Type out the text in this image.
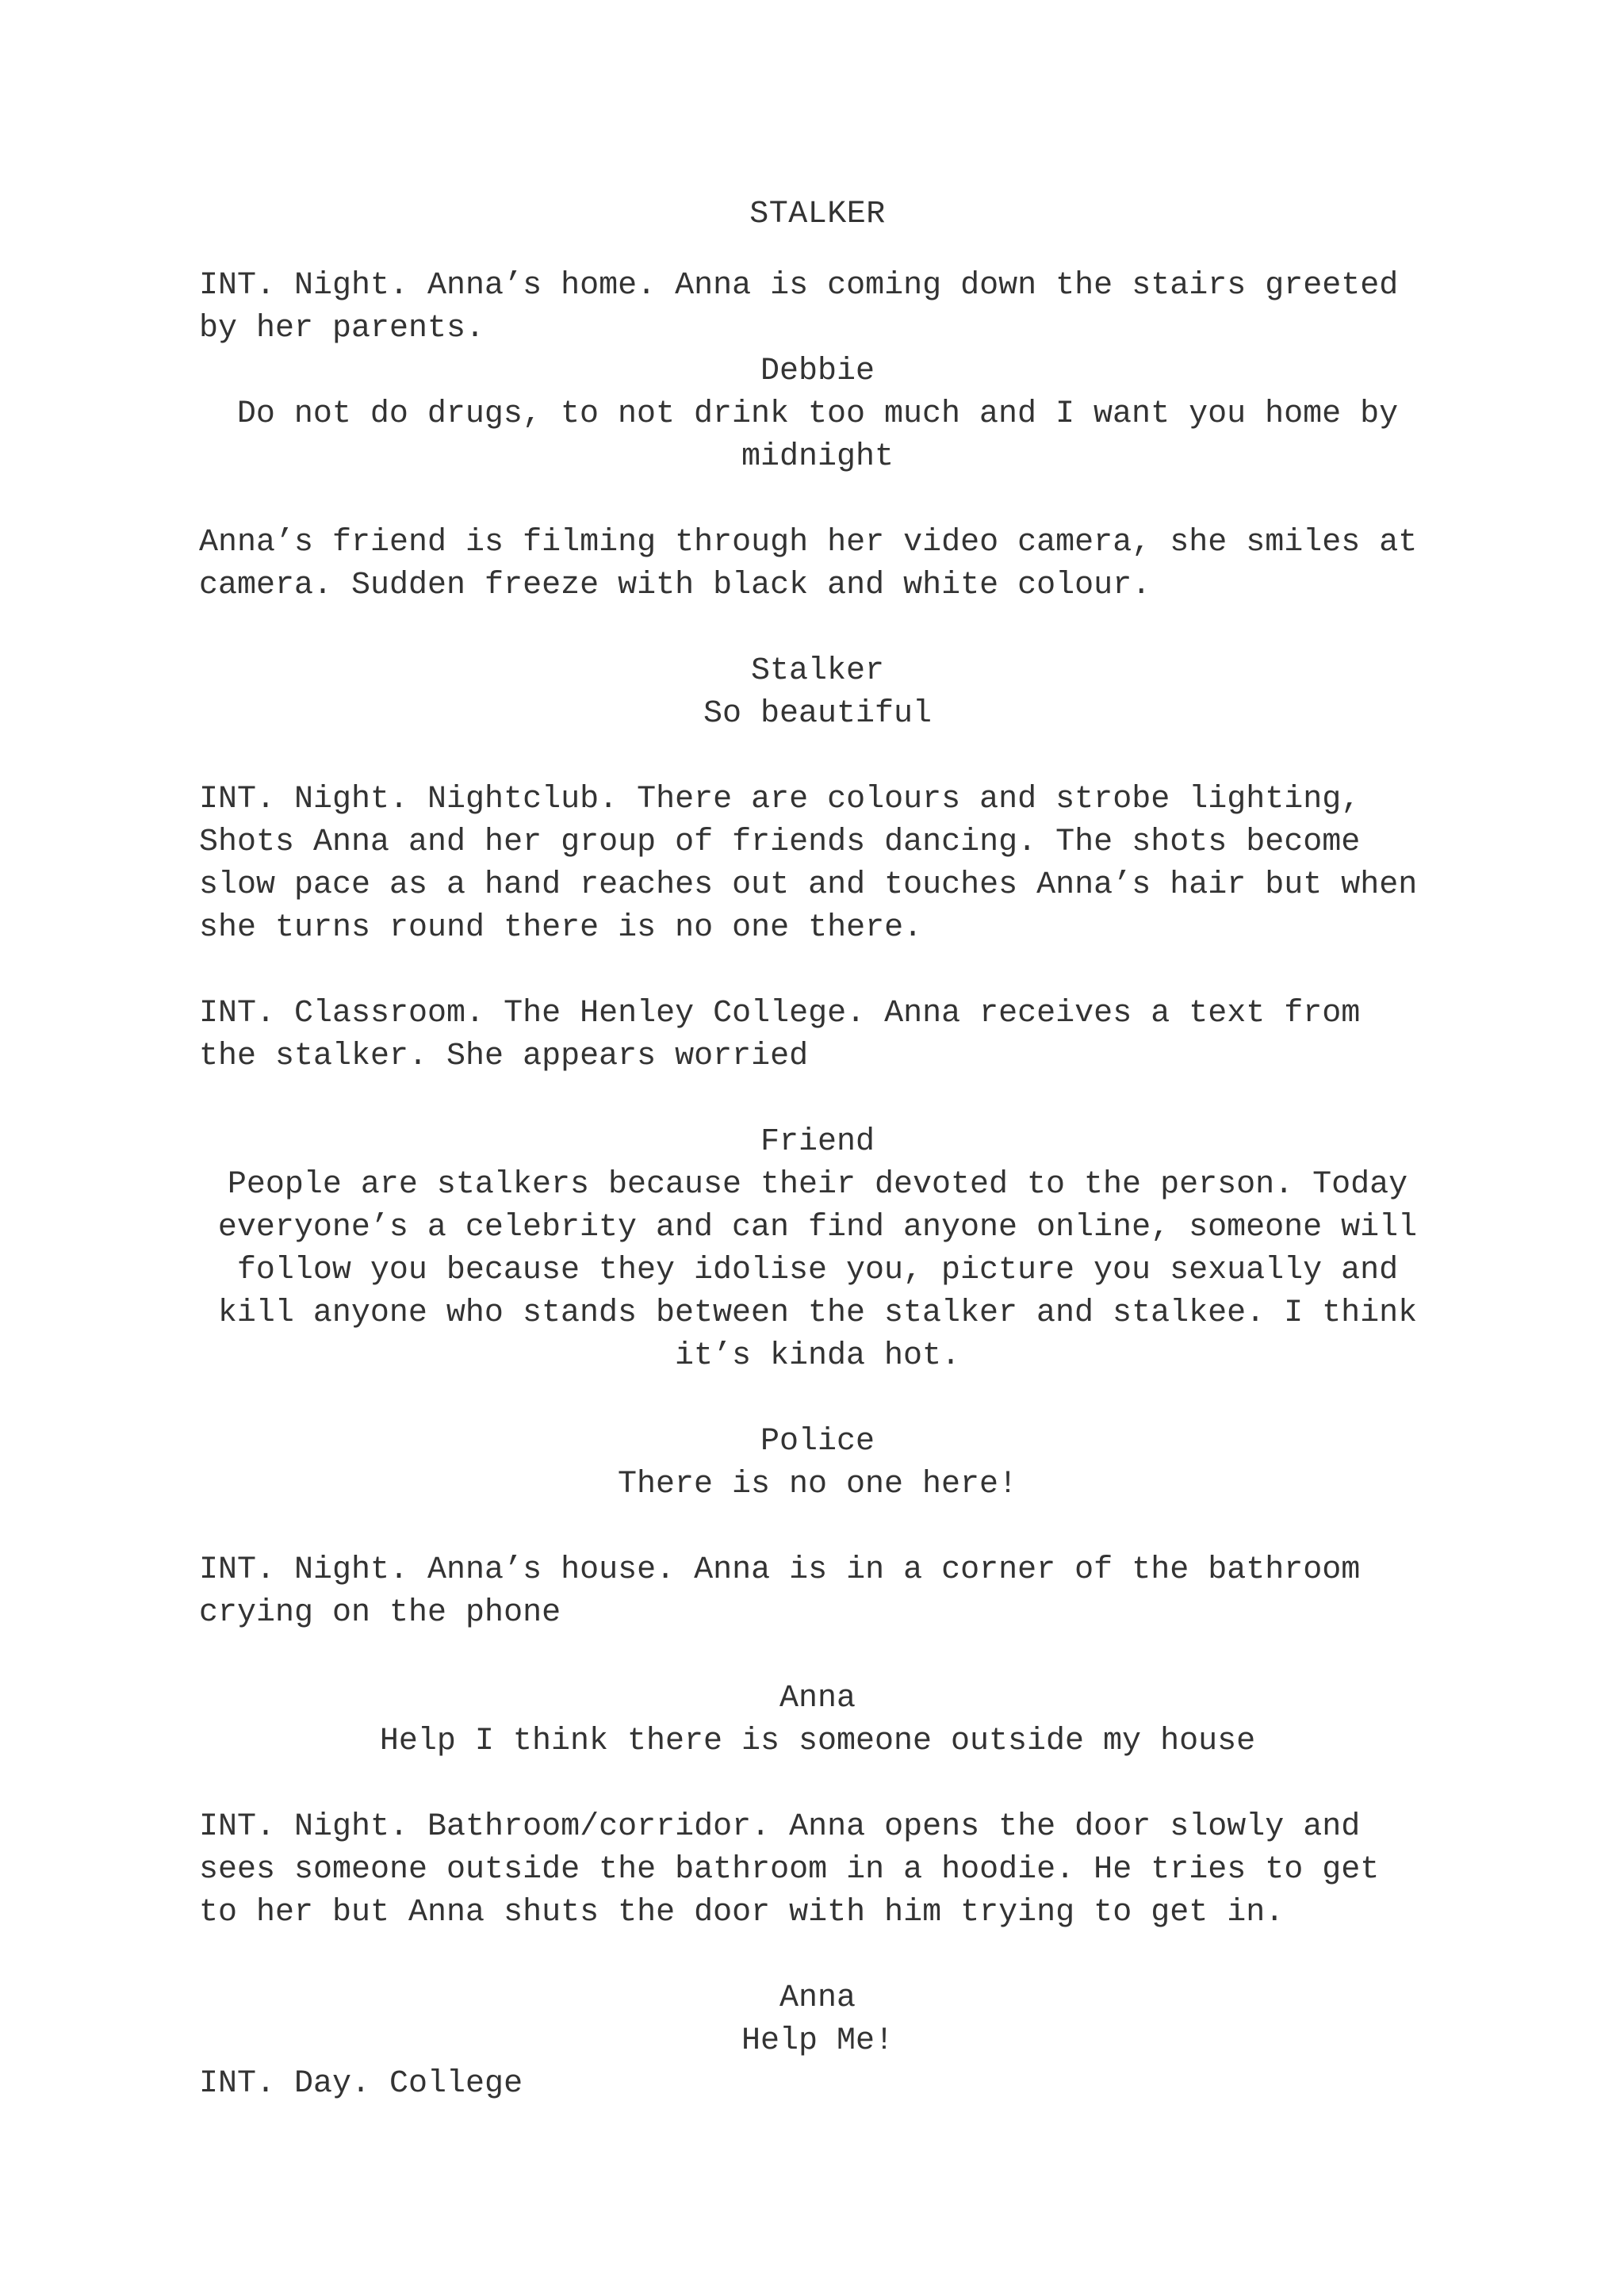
STALKER

INT. Night. Anna’s home. Anna is coming down the stairs greeted by her parents.

Debbie

Do not do drugs, to not drink too much and I want you home by midnight

Anna’s friend is filming through her video camera, she smiles at camera. Sudden freeze with black and white colour.

Stalker

So beautiful

INT. Night. Nightclub. There are colours and strobe lighting, Shots Anna and her group of friends dancing. The shots become slow pace as a hand reaches out and touches Anna’s hair but when she turns round there is no one there.

INT. Classroom. The Henley College. Anna receives a text from the stalker. She appears worried

Friend

People are stalkers because their devoted to the person. Today everyone’s a celebrity and can find anyone online, someone will follow you because they idolise you, picture you sexually and kill anyone who stands between the stalker and stalkee. I think it’s kinda hot.

Police

There is no one here!

INT. Night. Anna’s house. Anna is in a corner of the bathroom crying on the phone

Anna

Help I think there is someone outside my house

INT. Night. Bathroom/corridor. Anna opens the door slowly and sees someone outside the bathroom in a hoodie. He tries to get to her but Anna shuts the door with him trying to get in.

Anna

Help Me!

INT. Day. College
